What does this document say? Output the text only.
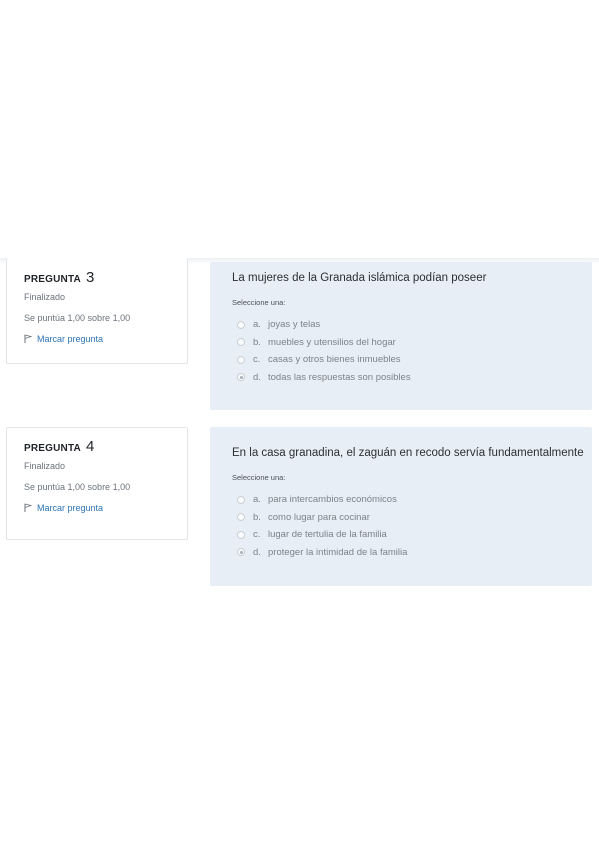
PREGUNTA 3
Finalizado
Se puntúa 1,00 sobre 1,00
Marcar pregunta

La mujeres de la Granada islámica podían poseer

Seleccione una:
a. joyas y telas
b. muebles y utensilios del hogar
c. casas y otros bienes inmuebles
d. todas las respuestas son posibles
PREGUNTA 4
Finalizado
Se puntúa 1,00 sobre 1,00
Marcar pregunta

En la casa granadina, el zaguán en recodo servía fundamentalmente

Seleccione una:
a. para intercambios económicos
b. como lugar para cocinar
c. lugar de tertulia de la familia
d. proteger la intimidad de la familia
